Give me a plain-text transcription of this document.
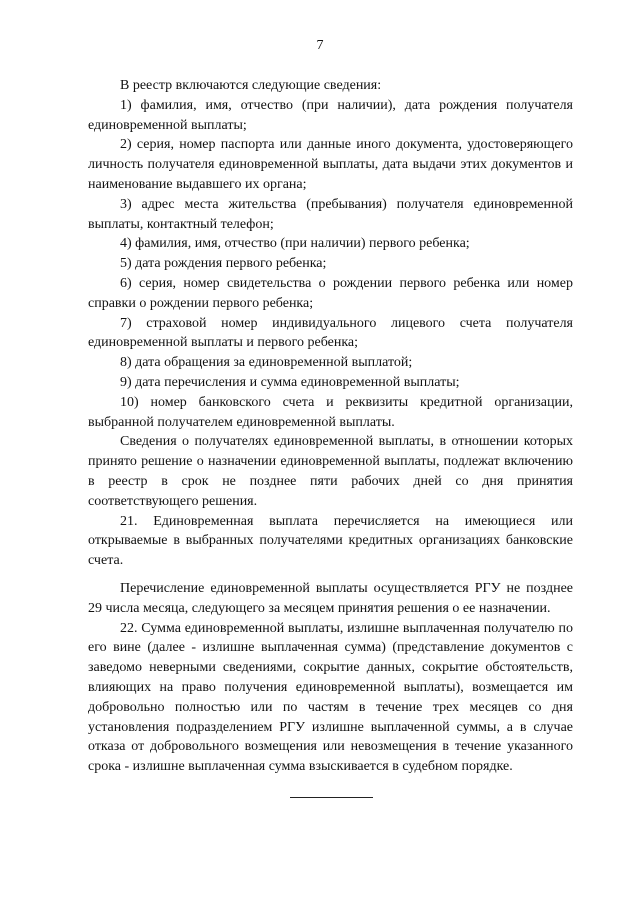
7

В реестр включаются следующие сведения:

1) фамилия, имя, отчество (при наличии), дата рождения получателя единовременной выплаты;

2) серия, номер паспорта или данные иного документа, удостоверяющего личность получателя единовременной выплаты, дата выдачи этих документов и наименование выдавшего их органа;

3) адрес места жительства (пребывания) получателя единовременной выплаты, контактный телефон;

4) фамилия, имя, отчество (при наличии) первого ребенка;

5) дата рождения первого ребенка;

6) серия, номер свидетельства о рождении первого ребенка или номер справки о рождении первого ребенка;

7) страховой номер индивидуального лицевого счета получателя единовременной выплаты и первого ребенка;

8) дата обращения за единовременной выплатой;

9) дата перечисления и сумма единовременной выплаты;

10) номер банковского счета и реквизиты кредитной организации, выбранной получателем единовременной выплаты.

Сведения о получателях единовременной выплаты, в отношении которых принято решение о назначении единовременной выплаты, подлежат включению в реестр в срок не позднее пяти рабочих дней со дня принятия соответствующего решения.

21. Единовременная выплата перечисляется на имеющиеся или открываемые в выбранных получателями кредитных организациях банковские счета.

Перечисление единовременной выплаты осуществляется РГУ не позднее 29 числа месяца, следующего за месяцем принятия решения о ее назначении.

22. Сумма единовременной выплаты, излишне выплаченная получателю по его вине (далее - излишне выплаченная сумма) (представление документов с заведомо неверными сведениями, сокрытие данных, сокрытие обстоятельств, влияющих на право получения единовременной выплаты), возмещается им добровольно полностью или по частям в течение трех месяцев со дня установления подразделением РГУ излишне выплаченной суммы, а в случае отказа от добровольного возмещения или невозмещения в течение указанного срока - излишне выплаченная сумма взыскивается в судебном порядке.
